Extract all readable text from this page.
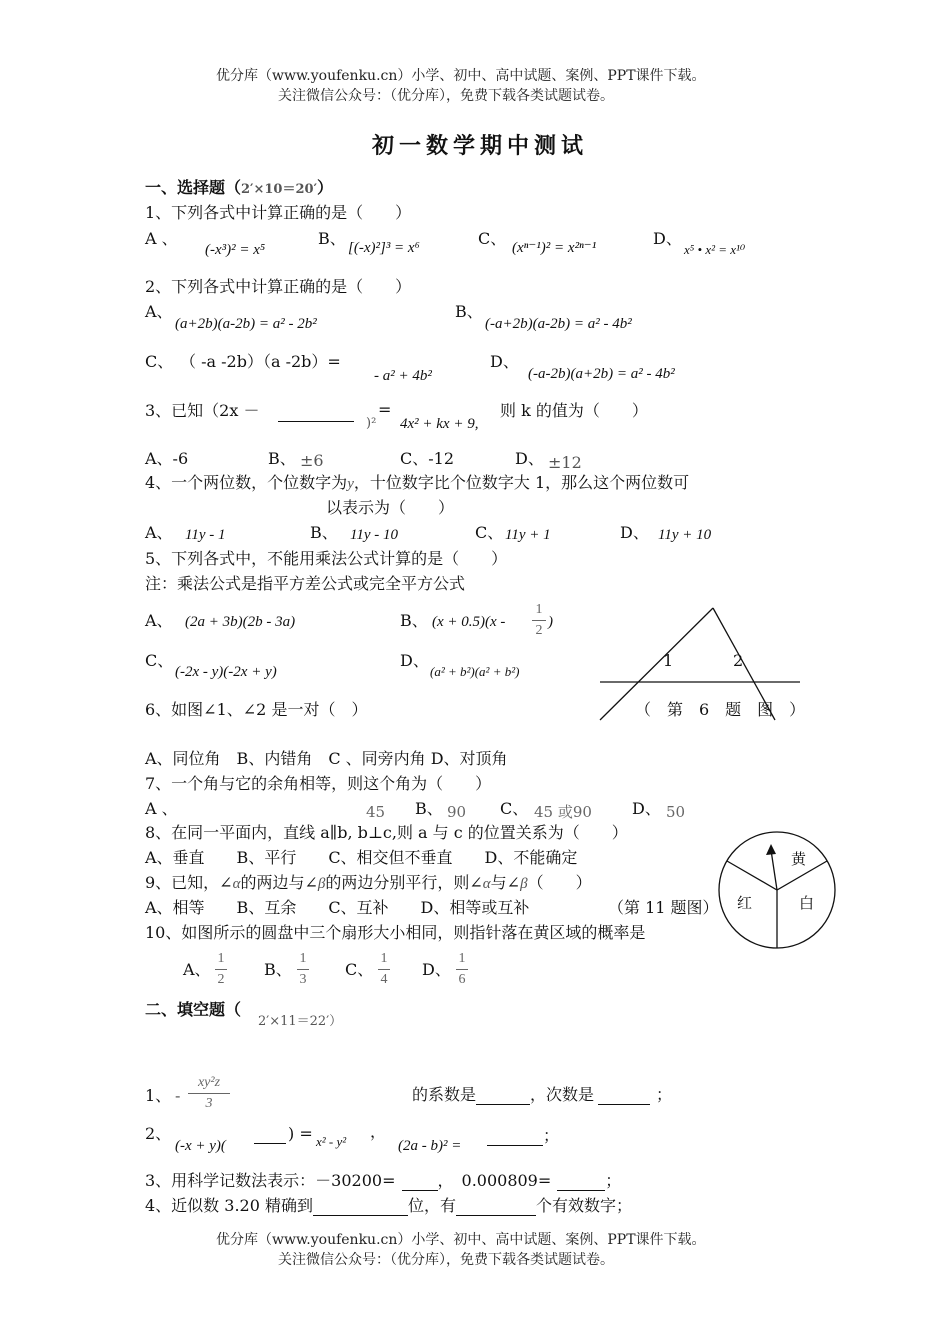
优分库（www.youfenku.cn）小学、初中、高中试题、案例、PPT课件下载。
关注微信公众号：（优分库），免费下载各类试题试卷。
初一数学期中测试
一、选择题（2′×10＝20′）
1、下列各式中计算正确的是（　　）
A 、
(-x³)² = x⁵
B、 [(-x)²]³ = x⁶	C、 (xⁿ⁻¹)² = x²ⁿ⁻¹	D、
x⁵ • x² = x¹⁰
2、下列各式中计算正确的是（　　）
A、
(a+2b)(a-2b) = a² - 2b²
B、
(-a+2b)(a-2b) = a² - 4b²
C、 （ -a -2b）（a -2b）=
- a² + 4b²
D、
(-a-2b)(a+2b) = a² - 4b²
3、已知（2x －
)²
=
4x² + kx + 9,
则 k 的值为（　　）
A、-6	B、 ±6	C、-12	D、 ±12
4、一个两位数，个位数字为y，十位数字比个位数字大 1，那么这个两位数可
以表示为（　　）
A、 11y - 1	B、 11y - 10	C、 11y + 1	D、 11y + 10
5、下列各式中，不能用乘法公式计算的是（　　）
注：乘法公式是指平方差公式或完全平方公式
A、 (2a + 3b)(2b - 3a)	B、 (x + 0.5)(x -
1
2
)
C、
(-2x - y)(-2x + y)
D、
(a² + b²)(a² + b²)
1	2
（　第　6　题　图　）
6、如图∠1、∠2 是一对（　）
A、同位角　B、内错角　C 、同旁内角 D、对顶角
7、一个角与它的余角相等，则这个角为（　　）
A 、	45 B、 90 C、 45 或90	D、 50
8、在同一平面内，直线 a∥b, b⊥c,则 a 与 c 的位置关系为（　　）
A、垂直　　B、平行　　C、相交但不垂直　　D、不能确定
9、已知，∠α的两边与∠β的两边分别平行，则∠α与∠β（　　）
A、相等　　B、互余　　C、互补　　D、相等或互补	（第 11 题图）
黄
红	白
10、如图所示的圆盘中三个扇形大小相同，则指针落在黄区域的概率是
A、
1
2
B、
1
3
C、
1
4
D、
1
6
二、填空题（
2′×11＝22′）
1、 -
xy²z
3	的系数是	，次数是	；
2、
(-x + y)(
) = x² - y²
，
(2a - b)² =
；
3、用科学记数法表示：－30200=	， 0.000809=	；
4、近似数 3.20 精确到	位，有	个有效数字；
优分库（www.youfenku.cn）小学、初中、高中试题、案例、PPT课件下载。
关注微信公众号：（优分库），免费下载各类试题试卷。
